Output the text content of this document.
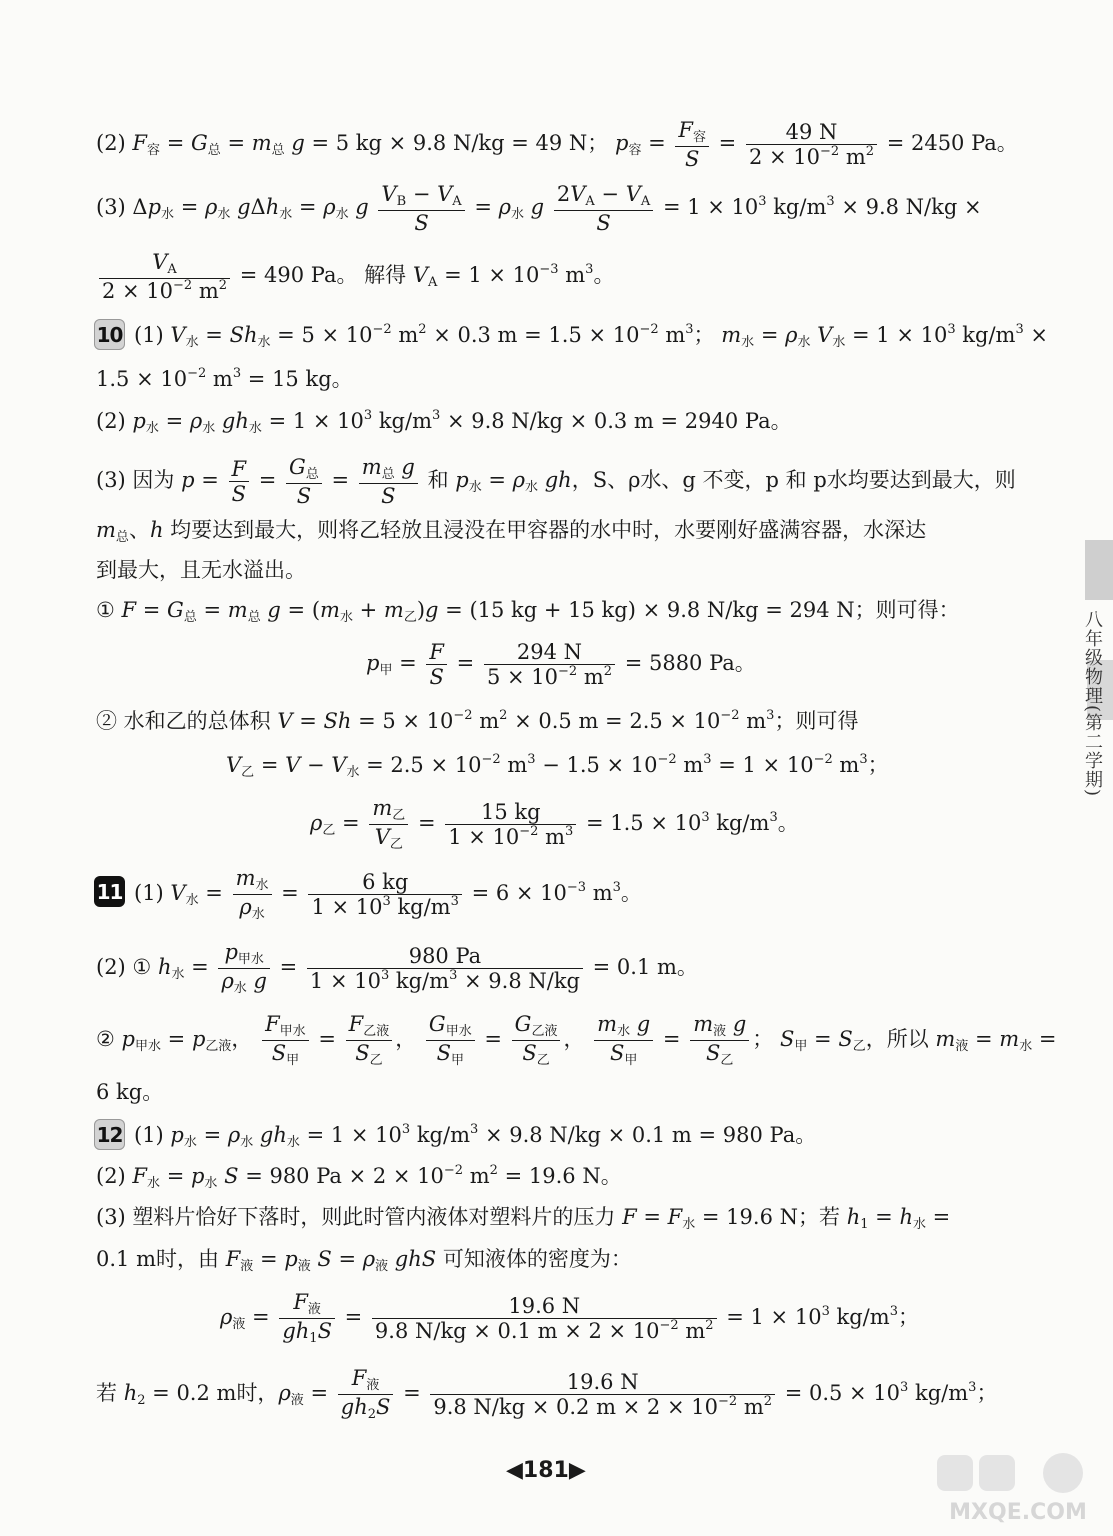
(2) $F_容 = G_总 = m_总$ g = 5 kg × 9.8 N/kg = 49 N； $p_容 = \frac{F_容}{S} = \frac{49 N}{2 \times 10^{-2} m^2} = 2450$ Pa。
(3) $\Delta p_水 = \rho_水$ $g\Delta h_水 = \rho_水$ g $\frac{V_B - V_A}{S} = \rho_水$ g $\frac{2V_A - V_A}{S} = 1 \times 10^3$ $kg/m^3 \times 9.8$ N/kg ×
$\frac{V_A}{2 \times 10^{-2} m^2} = 490$ Pa。 解得 $V_A = 1 \times 10^{-3}$ $m^3$。
10 (1) $V_水 = Sh_水 = 5 \times 10^{-2}$ $m^2 \times 0.3$ $m = 1.5 \times 10^{-2}$ $m^3$； $m_水 = \rho_水$ $V_水 = 1 \times 10^3$ $kg/m^3$ ×
$1.5 \times 10^{-2}$ $m^3 = 15$ kg。
(2) $p_水 = \rho_水$ $gh_水 = 1 \times 10^3$ $kg/m^3 \times 9.8$ N/kg × 0.3 m = 2940 Pa。
(3) 因为 $p = \frac{F}{S} = \frac{G_总}{S} = \frac{m_总 g}{S}$ 和 $p_水 = \rho_水$ gh，S、ρ水、g 不变，p 和 p水均要达到最大，则
$m_总$、h 均要达到最大，则将乙轻放且浸没在甲容器的水中时，水要刚好盛满容器，水深达
到最大，且无水溢出。
① $F = G_总 = m_总$ $g = (m_水 + m_乙)g = (15$ kg + 15 kg) × 9.8 N/kg = 294 N；则可得：
$p_甲 = \frac{F}{S} = \frac{294 N}{5 \times 10^{-2} m^2} = 5880$ Pa。
② 水和乙的总体积 $V = Sh = 5 \times 10^{-2}$ $m^2 \times 0.5$ $m = 2.5 \times 10^{-2}$ $m^3$；则可得
$V_乙 = V - V_水 = 2.5 \times 10^{-2}$ $m^3 - 1.5 \times 10^{-2}$ $m^3 = 1 \times 10^{-2}$ $m^3$；
$\rho_乙 = \frac{m_乙}{V_乙} = \frac{15 kg}{1 \times 10^{-2} m^3} = 1.5 \times 10^3$ $kg/m^3$。
11 (1) $V_水 = \frac{m_水}{\rho_水} = \frac{6 kg}{1 \times 10^3 kg/m^3} = 6 \times 10^{-3}$ $m^3$。
(2) ① $h_水 = \frac{p_{甲水}}{\rho_水 g} = \frac{980 Pa}{1 \times 10^3 kg/m^3 \times 9.8 N/kg} = 0.1$ m。
② $p_{甲水} = p_{乙液}$， $\frac{F_{甲水}}{S_甲} = \frac{F_{乙液}}{S_乙}$ ， $\frac{G_{甲水}}{S_甲} = \frac{G_{乙液}}{S_乙}$ ， $\frac{m_水 g}{S_甲} = \frac{m_液 g}{S_乙}$ ； $S_甲 = S_乙$，所以 $m_液 = m_水$ =
6 kg。
12 (1) $p_水 = \rho_水$ $gh_水 = 1 \times 10^3$ $kg/m^3 \times 9.8$ N/kg × 0.1 m = 980 Pa。
(2) $F_水 = p_水$ S = 980 $Pa \times 2 \times 10^{-2}$ $m^2 = 19.6$ N。
(3) 塑料片恰好下落时，则此时管内液体对塑料片的压力 $F = F_水 = 19.6$ N；若 $h_1 = h_水$ =
0.1 m时，由 $F_液 = p_液$ $S = \rho_液$ ghS 可知液体的密度为：
$\rho_液 = \frac{F_液}{gh_1S} = \frac{19.6 N}{9.8 N/kg \times 0.1 m \times 2 \times 10^{-2} m^2} = 1 \times 10^3$ $kg/m^3$；
若 $h_2 = 0.2$ m时，$\rho_液 = \frac{F_液}{gh_2S} = \frac{19.6 N}{9.8 N/kg \times 0.2 m \times 2 \times 10^{-2} m^2} = 0.5 \times 10^3$ $kg/m^3$；
◀181▶
八年级物理(第二学期)
MXQE.COM
